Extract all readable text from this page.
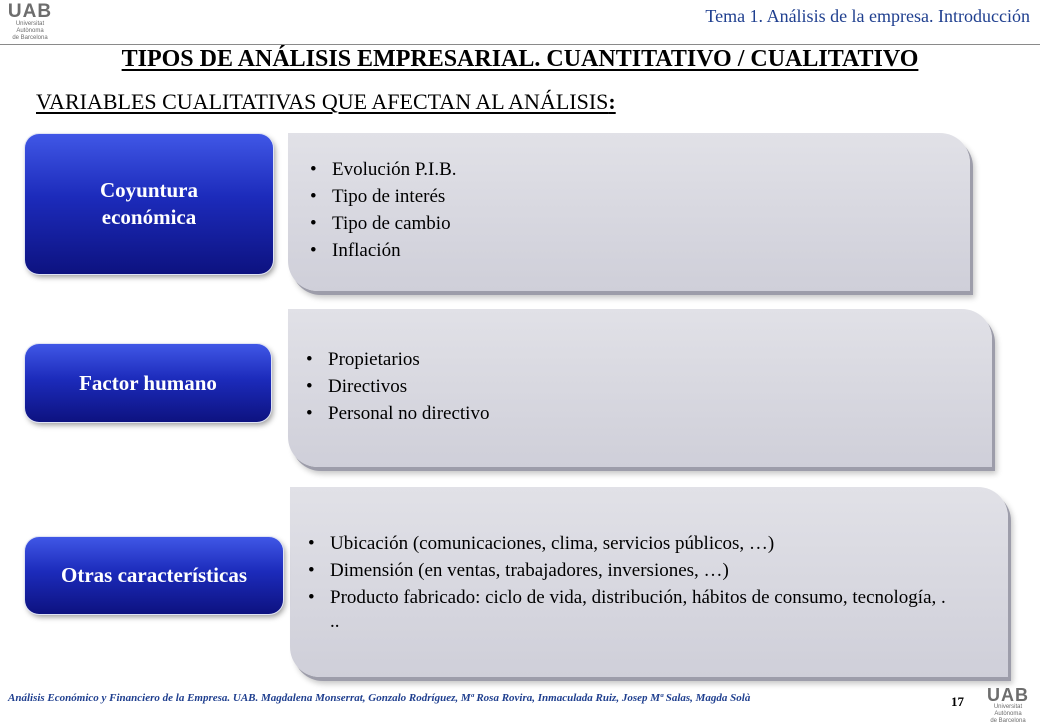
UAB
Universitat Autònoma
de Barcelona
Tema 1. Análisis de la empresa. Introducción
TIPOS DE ANÁLISIS EMPRESARIAL. CUANTITATIVO / CUALITATIVO
VARIABLES CUALITATIVAS QUE AFECTAN AL ANÁLISIS:
• Evolución P.I.B.
• Tipo de interés
• Tipo de cambio
• Inflación
Coyuntura económica
• Propietarios
• Directivos
• Personal no directivo
Factor humano
• Ubicación (comunicaciones, clima, servicios públicos, …)
• Dimensión (en ventas, trabajadores, inversiones, …)
• Producto fabricado: ciclo de vida, distribución, hábitos de consumo, tecnología, . ..
Otras características
Análisis Económico y Financiero de la Empresa. UAB. Magdalena Monserrat, Gonzalo Rodríguez, Mª Rosa Rovira, Inmaculada Ruiz, Josep Mª Salas, Magda Solà	17	UAB
Universitat Autònoma
de Barcelona
